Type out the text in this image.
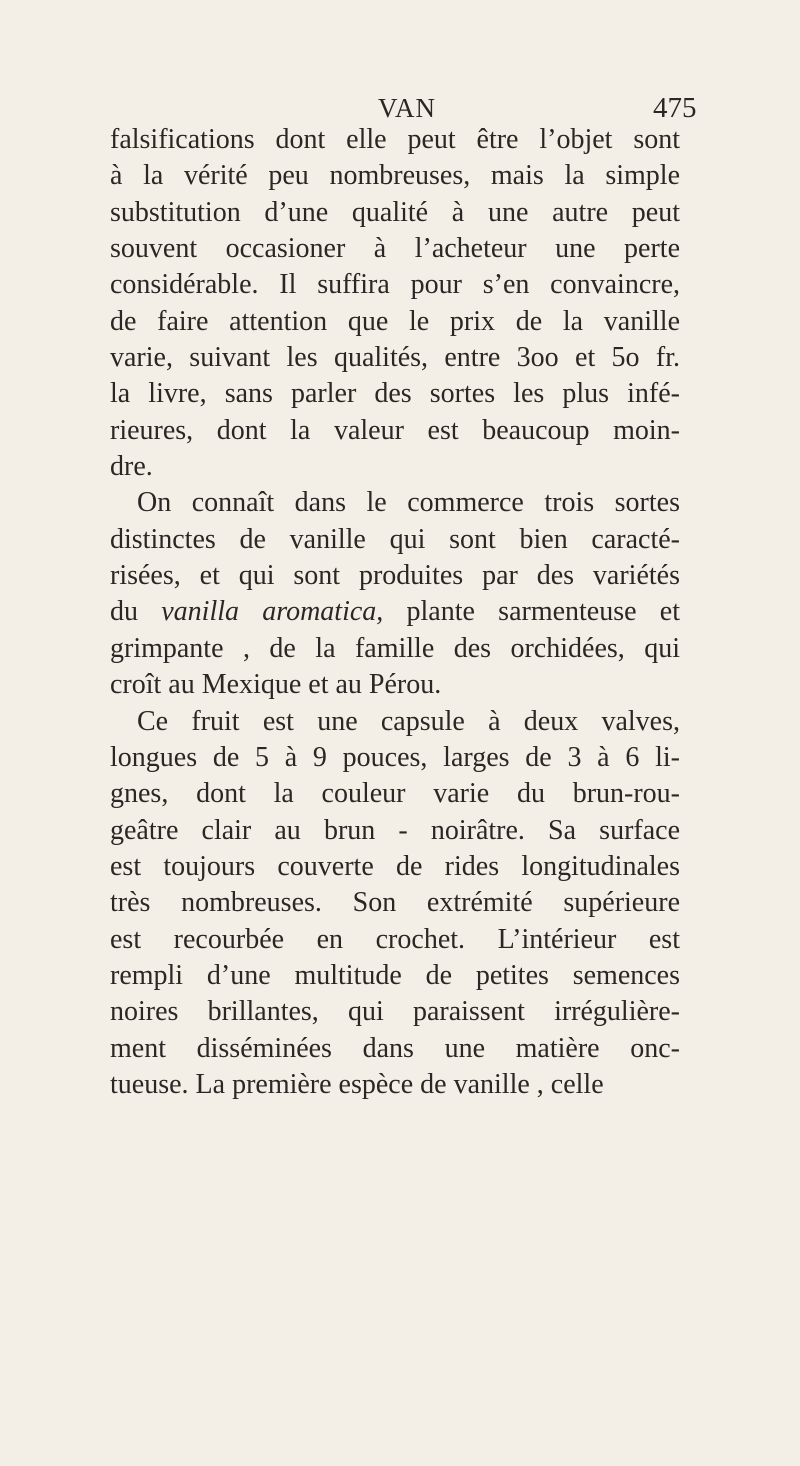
VAN	475
falsifications dont elle peut être l’objet sont
à la vérité peu nombreuses, mais la simple
substitution d’une qualité à une autre peut
souvent occasioner à l’acheteur une perte
considérable. Il suffira pour s’en convaincre,
de faire attention que le prix de la vanille
varie, suivant les qualités, entre 3oo et 5o fr.
la livre, sans parler des sortes les plus infé-
rieures, dont la valeur est beaucoup moin-
dre.
On connaît dans le commerce trois sortes
distinctes de vanille qui sont bien caracté-
risées, et qui sont produites par des variétés
du vanilla aromatica, plante sarmenteuse et
grimpante , de la famille des orchidées, qui
croît au Mexique et au Pérou.
Ce fruit est une capsule à deux valves,
longues de 5 à 9 pouces, larges de 3 à 6 li-
gnes, dont la couleur varie du brun-rou-
geâtre clair au brun - noirâtre. Sa surface
est toujours couverte de rides longitudinales
très nombreuses. Son extrémité supérieure
est recourbée en crochet. L’intérieur est
rempli d’une multitude de petites semences
noires brillantes, qui paraissent irrégulière-
ment disséminées dans une matière onc-
tueuse. La première espèce de vanille , celle
